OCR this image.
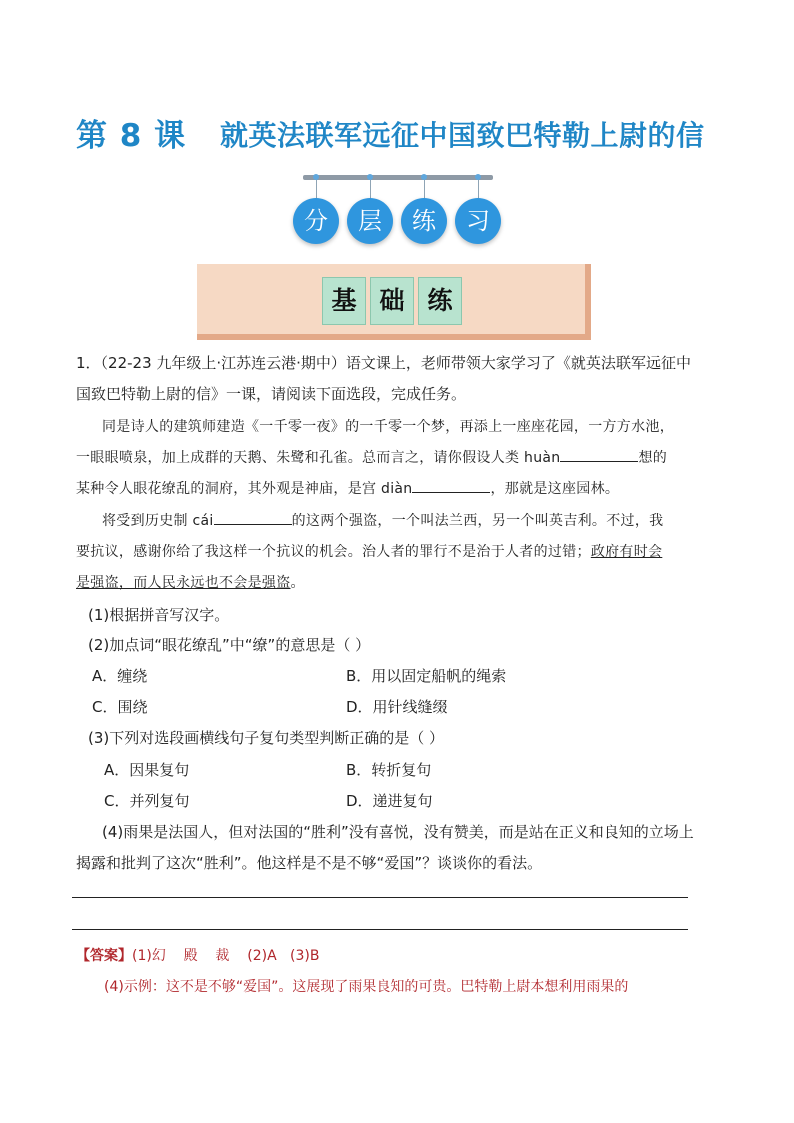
第 8 课 就英法联军远征中国致巴特勒上尉的信
分	层	练	习
基 础 练
1．（22-23 九年级上·江苏连云港·期中）语文课上，老师带领大家学习了《就英法联军远征中
国致巴特勒上尉的信》一课，请阅读下面选段，完成任务。
同是诗人的建筑师建造《一千零一夜》的一千零一个梦，再添上一座座花园，一方方水池，
一眼眼喷泉，加上成群的天鹅、朱鹭和孔雀。总而言之，请你假设人类 huàn	想的
某种令人眼花缭乱的洞府，其外观是神庙，是宫 diàn	，那就是这座园林。
将受到历史制 cái	的这两个强盗，一个叫法兰西，另一个叫英吉利。不过，我
要抗议，感谢你给了我这样一个抗议的机会。治人者的罪行不是治于人者的过错；政府有时会
是强盗，而人民永远也不会是强盗。
(1)根据拼音写汉字。
(2)加点词“眼花缭乱”中“缭”的意思是（ ）
A．缠绕	B．用以固定船帆的绳索
C．围绕	D．用针线缝缀
(3)下列对选段画横线句子复句类型判断正确的是（ ）
A．因果复句	B．转折复句
C．并列复句	D．递进复句
(4)雨果是法国人，但对法国的“胜利”没有喜悦，没有赞美，而是站在正义和良知的立场上
揭露和批判了这次“胜利”。他这样是不是不够“爱国”？谈谈你的看法。
【答案】(1)幻    殿    裁    (2)A   (3)B
(4)示例：这不是不够“爱国”。这展现了雨果良知的可贵。巴特勒上尉本想利用雨果的
